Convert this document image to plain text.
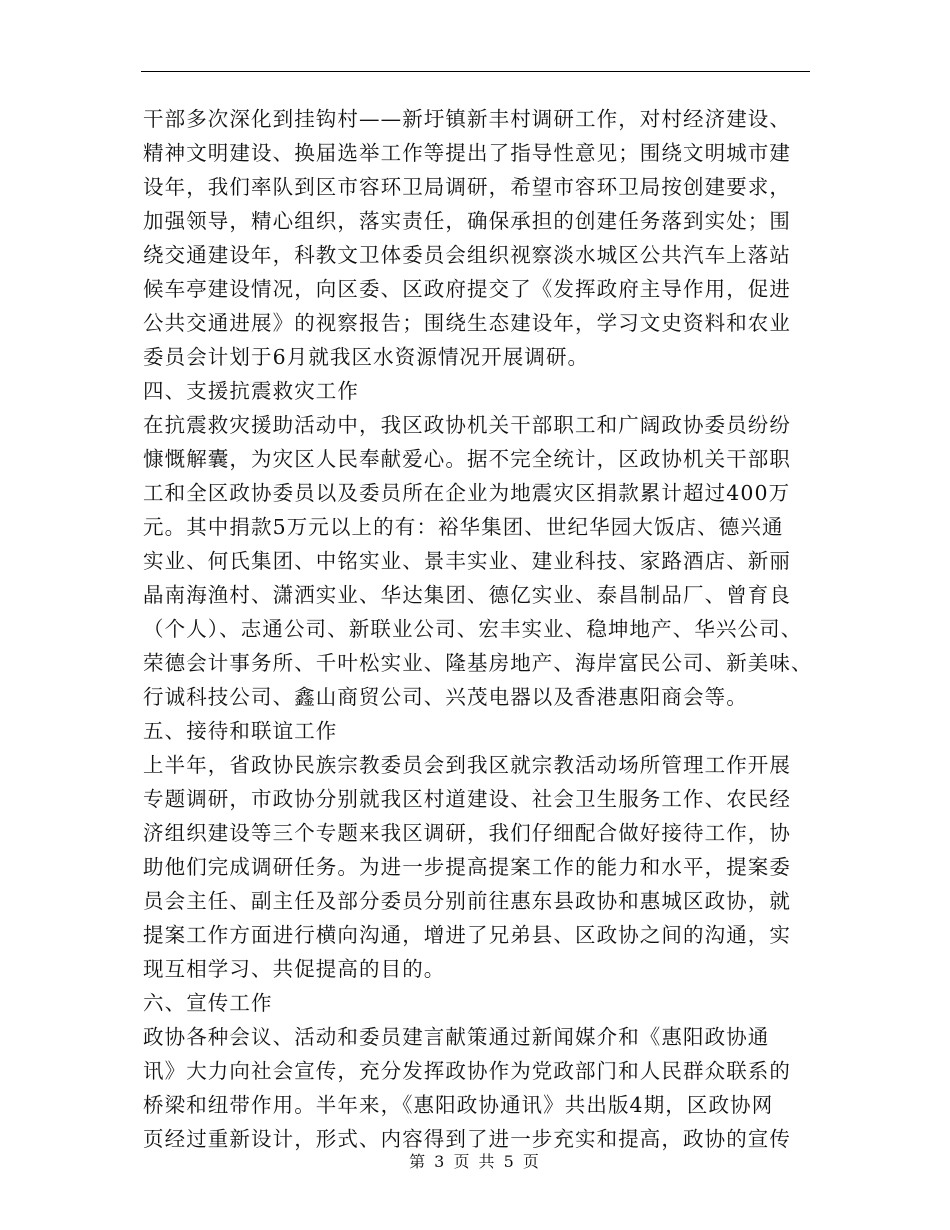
干部多次深化到挂钩村——新圩镇新丰村调研工作，对村经济建设、
精神文明建设、换届选举工作等提出了指导性意见；围绕文明城市建
设年，我们率队到区市容环卫局调研，希望市容环卫局按创建要求，
加强领导，精心组织，落实责任，确保承担的创建任务落到实处；围
绕交通建设年，科教文卫体委员会组织视察淡水城区公共汽车上落站
候车亭建设情况，向区委、区政府提交了《发挥政府主导作用，促进
公共交通进展》的视察报告；围绕生态建设年，学习文史资料和农业
委员会计划于6月就我区水资源情况开展调研。
四、支援抗震救灾工作
在抗震救灾援助活动中，我区政协机关干部职工和广阔政协委员纷纷
慷慨解囊，为灾区人民奉献爱心。据不完全统计，区政协机关干部职
工和全区政协委员以及委员所在企业为地震灾区捐款累计超过400万
元。其中捐款5万元以上的有：裕华集团、世纪华园大饭店、德兴通
实业、何氏集团、中铭实业、景丰实业、建业科技、家路酒店、新丽
晶南海渔村、潇洒实业、华达集团、德亿实业、泰昌制品厂、曾育良
（个人）、志通公司、新联业公司、宏丰实业、稳坤地产、华兴公司、
荣德会计事务所、千叶松实业、隆基房地产、海岸富民公司、新美味、
行诚科技公司、鑫山商贸公司、兴茂电器以及香港惠阳商会等。
五、接待和联谊工作
上半年，省政协民族宗教委员会到我区就宗教活动场所管理工作开展
专题调研，市政协分别就我区村道建设、社会卫生服务工作、农民经
济组织建设等三个专题来我区调研，我们仔细配合做好接待工作，协
助他们完成调研任务。为进一步提高提案工作的能力和水平，提案委
员会主任、副主任及部分委员分别前往惠东县政协和惠城区政协，就
提案工作方面进行横向沟通，增进了兄弟县、区政协之间的沟通，实
现互相学习、共促提高的目的。
六、宣传工作
政协各种会议、活动和委员建言献策通过新闻媒介和《惠阳政协通
讯》大力向社会宣传，充分发挥政协作为党政部门和人民群众联系的
桥梁和纽带作用。半年来，《惠阳政协通讯》共出版4期，区政协网
页经过重新设计，形式、内容得到了进一步充实和提高，政协的宣传
第 3 页 共 5 页
